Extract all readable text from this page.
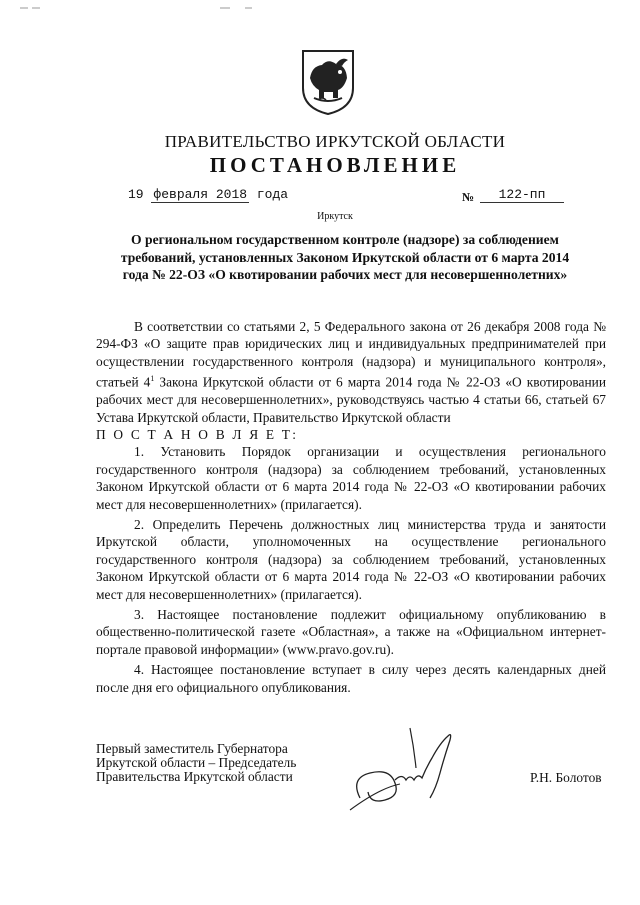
ПРАВИТЕЛЬСТВО ИРКУТСКОЙ ОБЛАСТИ
ПОСТАНОВЛЕНИЕ
19 февраля 2018 года	№	122-пп
Иркутск
О региональном государственном контроле (надзоре) за соблюдением требований, установленных Законом Иркутской области от 6 марта 2014 года № 22-ОЗ «О квотировании рабочих мест для несовершеннолетних»

В соответствии со статьями 2, 5 Федерального закона от 26 декабря 2008 года № 294-ФЗ «О защите прав юридических лиц и индивидуальных предпринимателей при осуществлении государственного контроля (надзора) и муниципального контроля», статьей $4^1$ Закона Иркутской области от 6 марта 2014 года № 22-ОЗ «О квотировании рабочих мест для несовершеннолетних», руководствуясь частью 4 статьи 66, статьей 67 Устава Иркутской области, Правительство Иркутской области

П О С Т А Н О В Л Я Е Т:

1. Установить Порядок организации и осуществления регионального государственного контроля (надзора) за соблюдением требований, установленных Законом Иркутской области от 6 марта 2014 года № 22-ОЗ «О квотировании рабочих мест для несовершеннолетних» (прилагается).

2. Определить Перечень должностных лиц министерства труда и занятости Иркутской области, уполномоченных на осуществление регионального государственного контроля (надзора) за соблюдением требований, установленных Законом Иркутской области от 6 марта 2014 года № 22-ОЗ «О квотировании рабочих мест для несовершеннолетних» (прилагается).

3. Настоящее постановление подлежит официальному опубликованию в общественно-политической газете «Областная», а также на «Официальном интернет-портале правовой информации» (www.pravo.gov.ru).

4. Настоящее постановление вступает в силу через десять календарных дней после дня его официального опубликования.

Первый заместитель Губернатора
Иркутской области – Председатель
Правительства Иркутской области	Р.Н. Болотов
